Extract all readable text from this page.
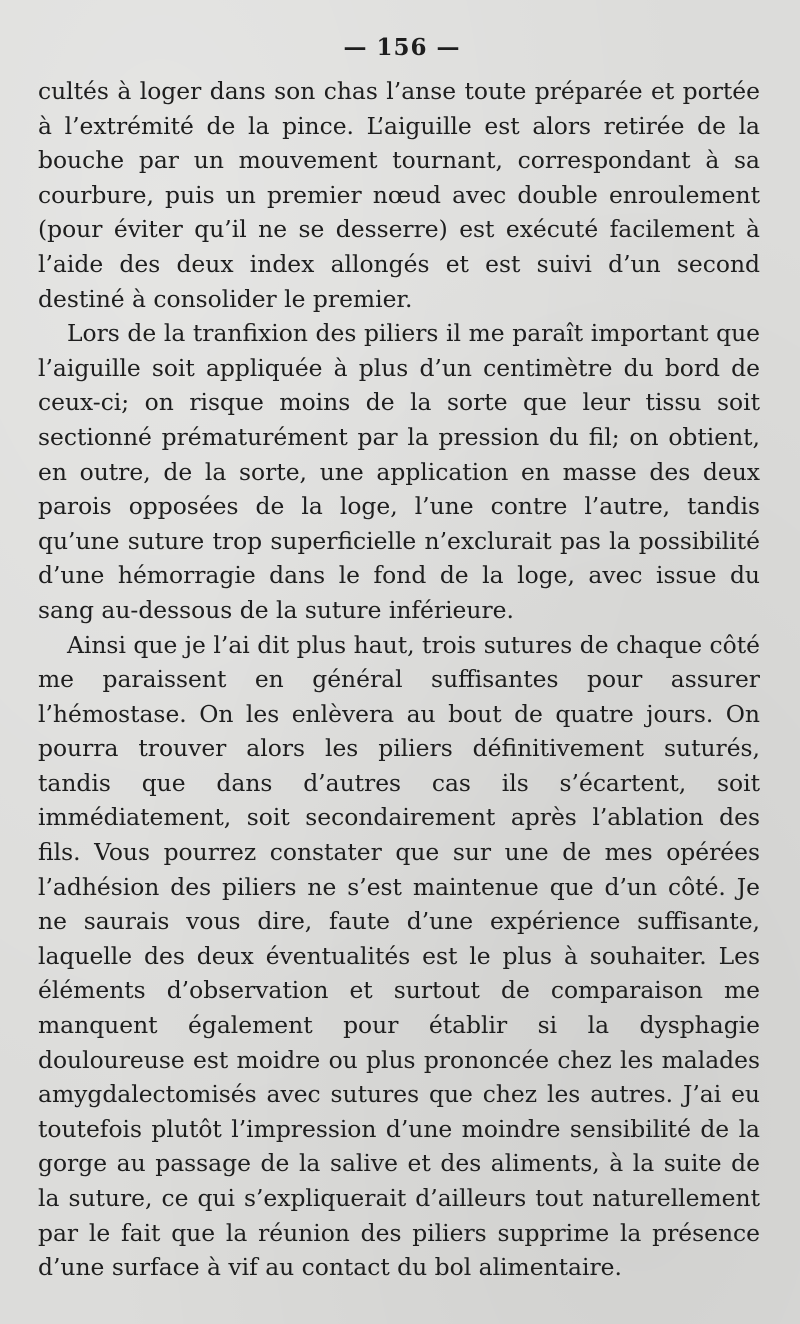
— 156 —

cultés à loger dans son chas l’anse toute préparée et portée à l’extrémité de la pince. L’aiguille est alors retirée de la bouche par un mouvement tournant, correspondant à sa courbure, puis un premier nœud avec double enroulement (pour éviter qu’il ne se desserre) est exécuté facilement à l’aide des deux index allongés et est suivi d’un second destiné à consolider le premier.

Lors de la tranfixion des piliers il me paraît important que l’aiguille soit appliquée à plus d’un centimètre du bord de ceux-ci; on risque moins de la sorte que leur tissu soit sectionné prématurément par la pression du fil; on obtient, en outre, de la sorte, une application en masse des deux parois opposées de la loge, l’une contre l’autre, tandis qu’une suture trop superficielle n’exclurait pas la possibilité d’une hémorragie dans le fond de la loge, avec issue du sang au-dessous de la suture inférieure.

Ainsi que je l’ai dit plus haut, trois sutures de chaque côté me paraissent en général suffisantes pour assurer l’hémostase. On les enlèvera au bout de quatre jours. On pourra trouver alors les piliers définitivement suturés, tandis que dans d’autres cas ils s’écartent, soit immédiatement, soit secondairement après l’ablation des fils. Vous pourrez constater que sur une de mes opérées l’adhésion des piliers ne s’est maintenue que d’un côté. Je ne saurais vous dire, faute d’une expérience suffisante, laquelle des deux éventualités est le plus à souhaiter. Les éléments d’observation et surtout de comparaison me manquent également pour établir si la dysphagie douloureuse est moidre ou plus prononcée chez les malades amygdalectomisés avec sutures que chez les autres. J’ai eu toutefois plutôt l’impression d’une moindre sensibilité de la gorge au passage de la salive et des aliments, à la suite de la suture, ce qui s’expliquerait d’ailleurs tout naturellement par le fait que la réunion des piliers supprime la présence d’une surface à vif au contact du bol alimentaire.
